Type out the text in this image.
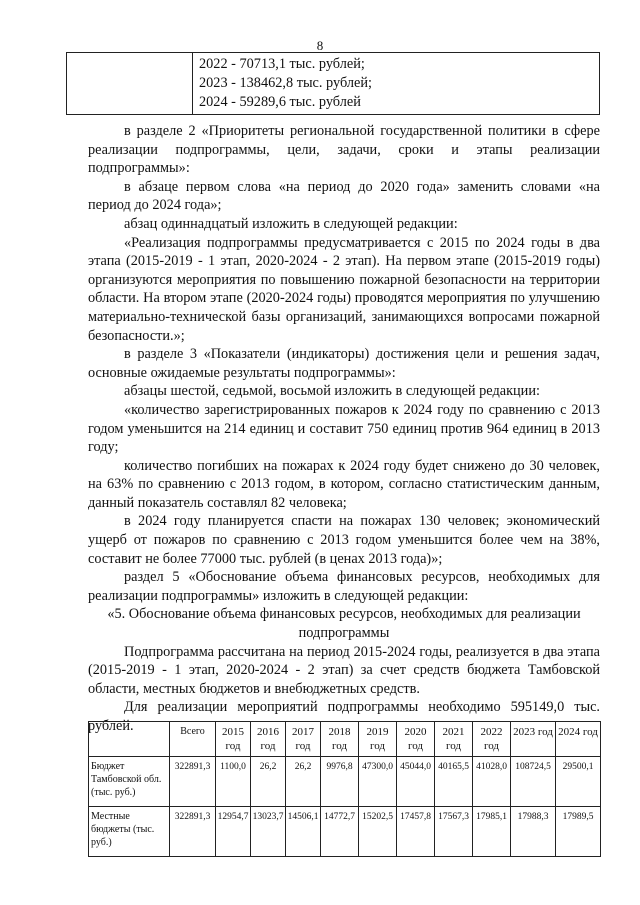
8

2022 - 70713,1 тыс. рублей;
2023 - 138462,8 тыс. рублей;
2024 - 59289,6 тыс. рублей

в разделе 2 «Приоритеты региональной государственной политики в сфере реализации подпрограммы, цели, задачи, сроки и этапы реализации подпрограммы»:

в абзаце первом слова «на период до 2020 года» заменить словами «на период до 2024 года»;

абзац одиннадцатый изложить в следующей редакции:

«Реализация подпрограммы предусматривается с 2015 по 2024 годы в два этапа (2015-2019 - 1 этап, 2020-2024 - 2 этап). На первом этапе (2015-2019 годы) организуются мероприятия по повышению пожарной безопасности на территории области. На втором этапе (2020-2024 годы) проводятся мероприятия по улучшению материально-технической базы организаций, занимающихся вопросами пожарной безопасности.»;

в разделе 3 «Показатели (индикаторы) достижения цели и решения задач, основные ожидаемые результаты подпрограммы»:

абзацы шестой, седьмой, восьмой изложить в следующей редакции:

«количество зарегистрированных пожаров к 2024 году по сравнению с 2013 годом уменьшится на 214 единиц и составит 750 единиц против 964 единиц в 2013 году;

количество погибших на пожарах к 2024 году будет снижено до 30 человек, на 63% по сравнению с 2013 годом, в котором, согласно статистическим данным, данный показатель составлял 82 человека;

в 2024 году планируется спасти на пожарах 130 человек; экономический ущерб от пожаров по сравнению с 2013 годом уменьшится более чем на 38%, составит не более 77000 тыс. рублей (в ценах 2013 года)»;

раздел 5 «Обоснование объема финансовых ресурсов, необходимых для реализации подпрограммы» изложить в следующей редакции:

«5. Обоснование объема финансовых ресурсов, необходимых для реализации подпрограммы

Подпрограмма рассчитана на период 2015-2024 годы, реализуется в два этапа (2015-2019 - 1 этап, 2020-2024 - 2 этап) за счет средств бюджета Тамбовской области, местных бюджетов и внебюджетных средств.

Для реализации мероприятий подпрограммы необходимо 595149,0 тыс. рублей.

		Всего	2015 год	2016 год	2017 год	2018 год	2019 год	2020 год	2021 год	2022 год	2023 год	2024 год
Бюджет Тамбовской обл. (тыс. руб.)	322891,3	1100,0	26,2	26,2	9976,8	47300,0	45044,0	40165,5	41028,0	108724,5	29500,1
Местные бюджеты (тыс. руб.)	322891,3	12954,7	13023,7	14506,1	14772,7	15202,5	17457,8	17567,3	17985,1	17988,3	17989,5
